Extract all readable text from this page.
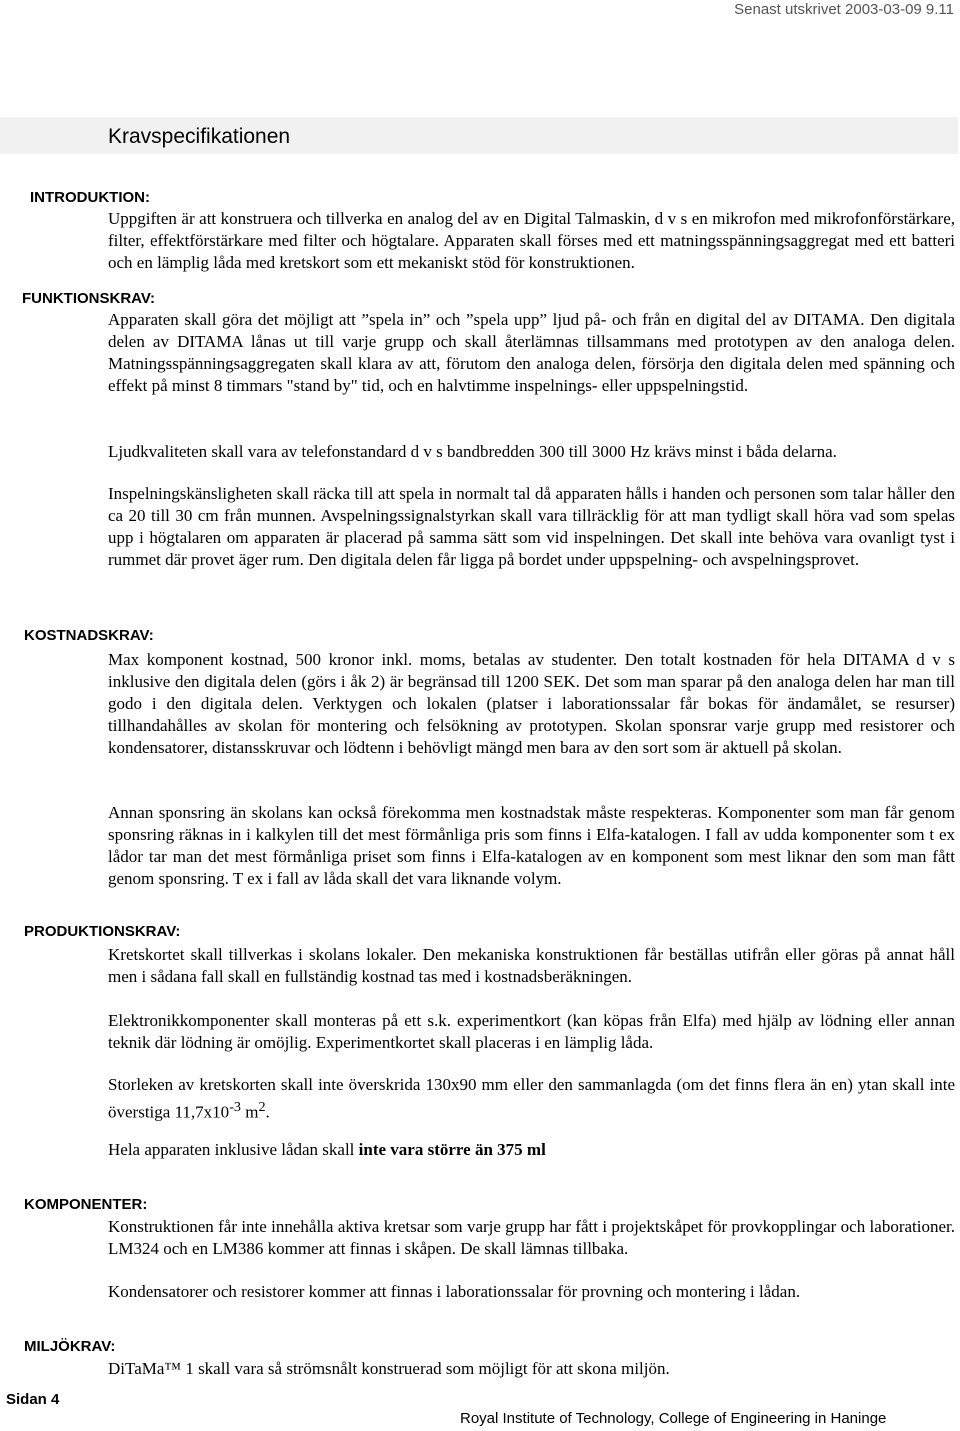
Senast utskrivet 2003-03-09 9.11
Kravspecifikationen
INTRODUKTION:

Uppgiften är att konstruera och tillverka en analog del av en Digital Talmaskin, d v s en mikrofon med mikrofonförstärkare, filter, effektförstärkare med filter och högtalare. Apparaten skall förses med ett matningsspänningsaggregat med ett batteri och en lämplig låda med kretskort som ett mekaniskt stöd för konstruktionen.

FUNKTIONSKRAV:

Apparaten skall göra det möjligt att ”spela in” och ”spela upp” ljud på- och från en digital del av DITAMA. Den digitala delen av DITAMA lånas ut till varje grupp och skall återlämnas tillsammans med prototypen av den analoga delen. Matningsspänningsaggregaten skall klara av att, förutom den analoga delen, försörja den digitala delen med spänning och effekt på minst 8 timmars "stand by" tid, och en halvtimme inspelnings- eller uppspelningstid.

Ljudkvaliteten skall vara av telefonstandard d v s bandbredden 300 till 3000 Hz krävs minst i båda delarna.

Inspelningskänsligheten skall räcka till att spela in normalt tal då apparaten hålls i handen och personen som talar håller den ca 20 till 30 cm från munnen. Avspelningssignalstyrkan skall vara tillräcklig för att man tydligt skall höra vad som spelas upp i högtalaren om apparaten är placerad på samma sätt som vid inspelningen. Det skall inte behöva vara ovanligt tyst i rummet där provet äger rum. Den digitala delen får ligga på bordet under uppspelning- och avspelningsprovet.

KOSTNADSKRAV:

Max komponent kostnad, 500 kronor inkl. moms, betalas av studenter. Den totalt kostnaden för hela DITAMA d v s inklusive den digitala delen (görs i åk 2) är begränsad till 1200 SEK. Det som man sparar på den analoga delen har man till godo i den digitala delen. Verktygen och lokalen (platser i laborationssalar får bokas för ändamålet, se resurser) tillhandahålles av skolan för montering och felsökning av prototypen. Skolan sponsrar varje grupp med resistorer och kondensatorer, distansskruvar och lödtenn i behövligt mängd men bara av den sort som är aktuell på skolan.

Annan sponsring än skolans kan också förekomma men kostnadstak måste respekteras. Komponenter som man får genom sponsring räknas in i kalkylen till det mest förmånliga pris som finns i Elfa-katalogen. I fall av udda komponenter som t ex lådor tar man det mest förmånliga priset som finns i Elfa-katalogen av en komponent som mest liknar den som man fått genom sponsring. T ex i fall av låda skall det vara liknande volym.

PRODUKTIONSKRAV:

Kretskortet skall tillverkas i skolans lokaler. Den mekaniska konstruktionen får beställas utifrån eller göras på annat håll men i sådana fall skall en fullständig kostnad tas med i kostnadsberäkningen.

Elektronikkomponenter skall monteras på ett s.k. experimentkort (kan köpas från Elfa) med hjälp av lödning eller annan teknik där lödning är omöjlig. Experimentkortet skall placeras i en lämplig låda.

Storleken av kretskorten skall inte överskrida 130x90 mm eller den sammanlagda (om det finns flera än en) ytan skall inte överstiga $11,7x10^{-3}$ $m^2$.

Hela apparaten inklusive lådan skall inte vara större än 375 ml

KOMPONENTER:

Konstruktionen får inte innehålla aktiva kretsar som varje grupp har fått i projektskåpet för provkopplingar och laborationer. LM324 och en LM386 kommer att finnas i skåpen. De skall lämnas tillbaka.

Kondensatorer och resistorer kommer att finnas i laborationssalar för provning och montering i lådan.

MILJÖKRAV:

DiTaMa™ 1 skall vara så strömsnålt konstruerad som möjligt för att skona miljön.

Sidan 4
Royal Institute of Technology, College of Engineering in Haninge
